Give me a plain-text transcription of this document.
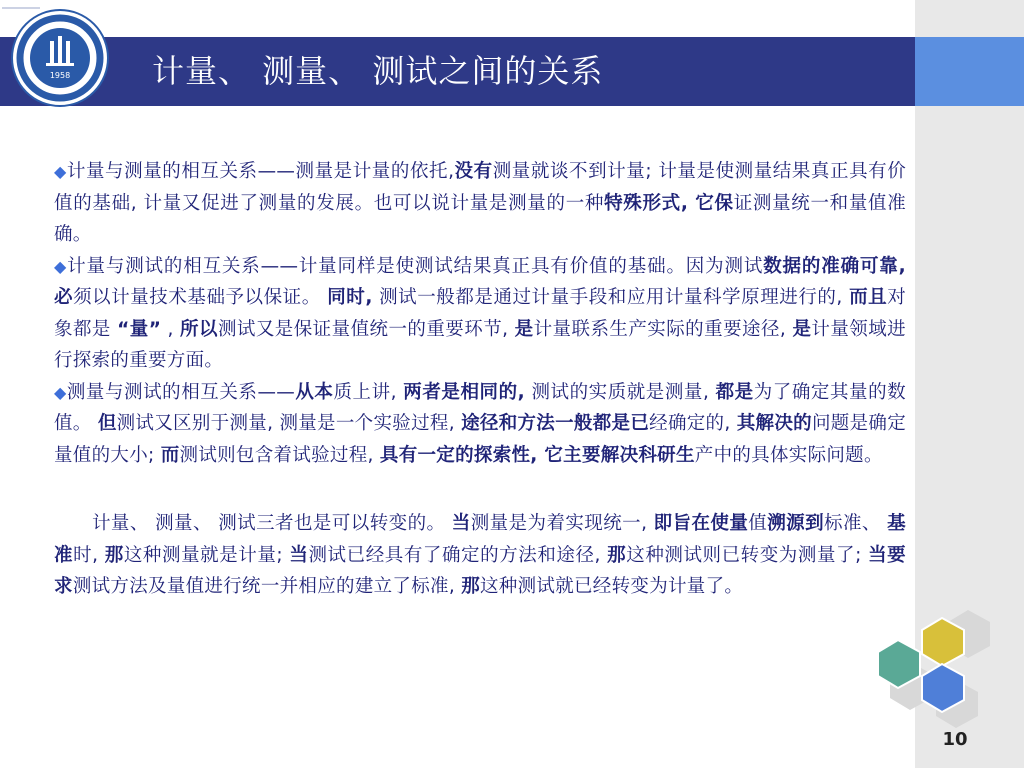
1958	计量、 测量、 测试之间的关系

◆计量与测量的相互关系——测量是计量的依托,没有测量就谈不到计量; 计量是使测量结果真正具有价值的基础, 计量又促进了测量的发展。也可以说计量是测量的一种特殊形式, 它保证测量统一和量值准确。

◆计量与测试的相互关系——计量同样是使测试结果真正具有价值的基础。因为测试数据的准确可靠, 必须以计量技术基础予以保证。 同时, 测试一般都是通过计量手段和应用计量科学原理进行的, 而且对象都是 “量” , 所以测试又是保证量值统一的重要环节, 是计量联系生产实际的重要途径, 是计量领域进行探索的重要方面。

◆测量与测试的相互关系——从本质上讲, 两者是相同的, 测试的实质就是测量, 都是为了确定其量的数值。 但测试又区别于测量, 测量是一个实验过程, 途径和方法一般都是已经确定的, 其解决的问题是确定量值的大小; 而测试则包含着试验过程, 具有一定的探索性, 它主要解决科研生产中的具体实际问题。

计量、 测量、 测试三者也是可以转变的。 当测量是为着实现统一, 即旨在使量值溯源到标准、 基准时, 那这种测量就是计量; 当测试已经具有了确定的方法和途径, 那这种测试则已转变为测量了; 当要求测试方法及量值进行统一并相应的建立了标准, 那这种测试就已经转变为计量了。

10
